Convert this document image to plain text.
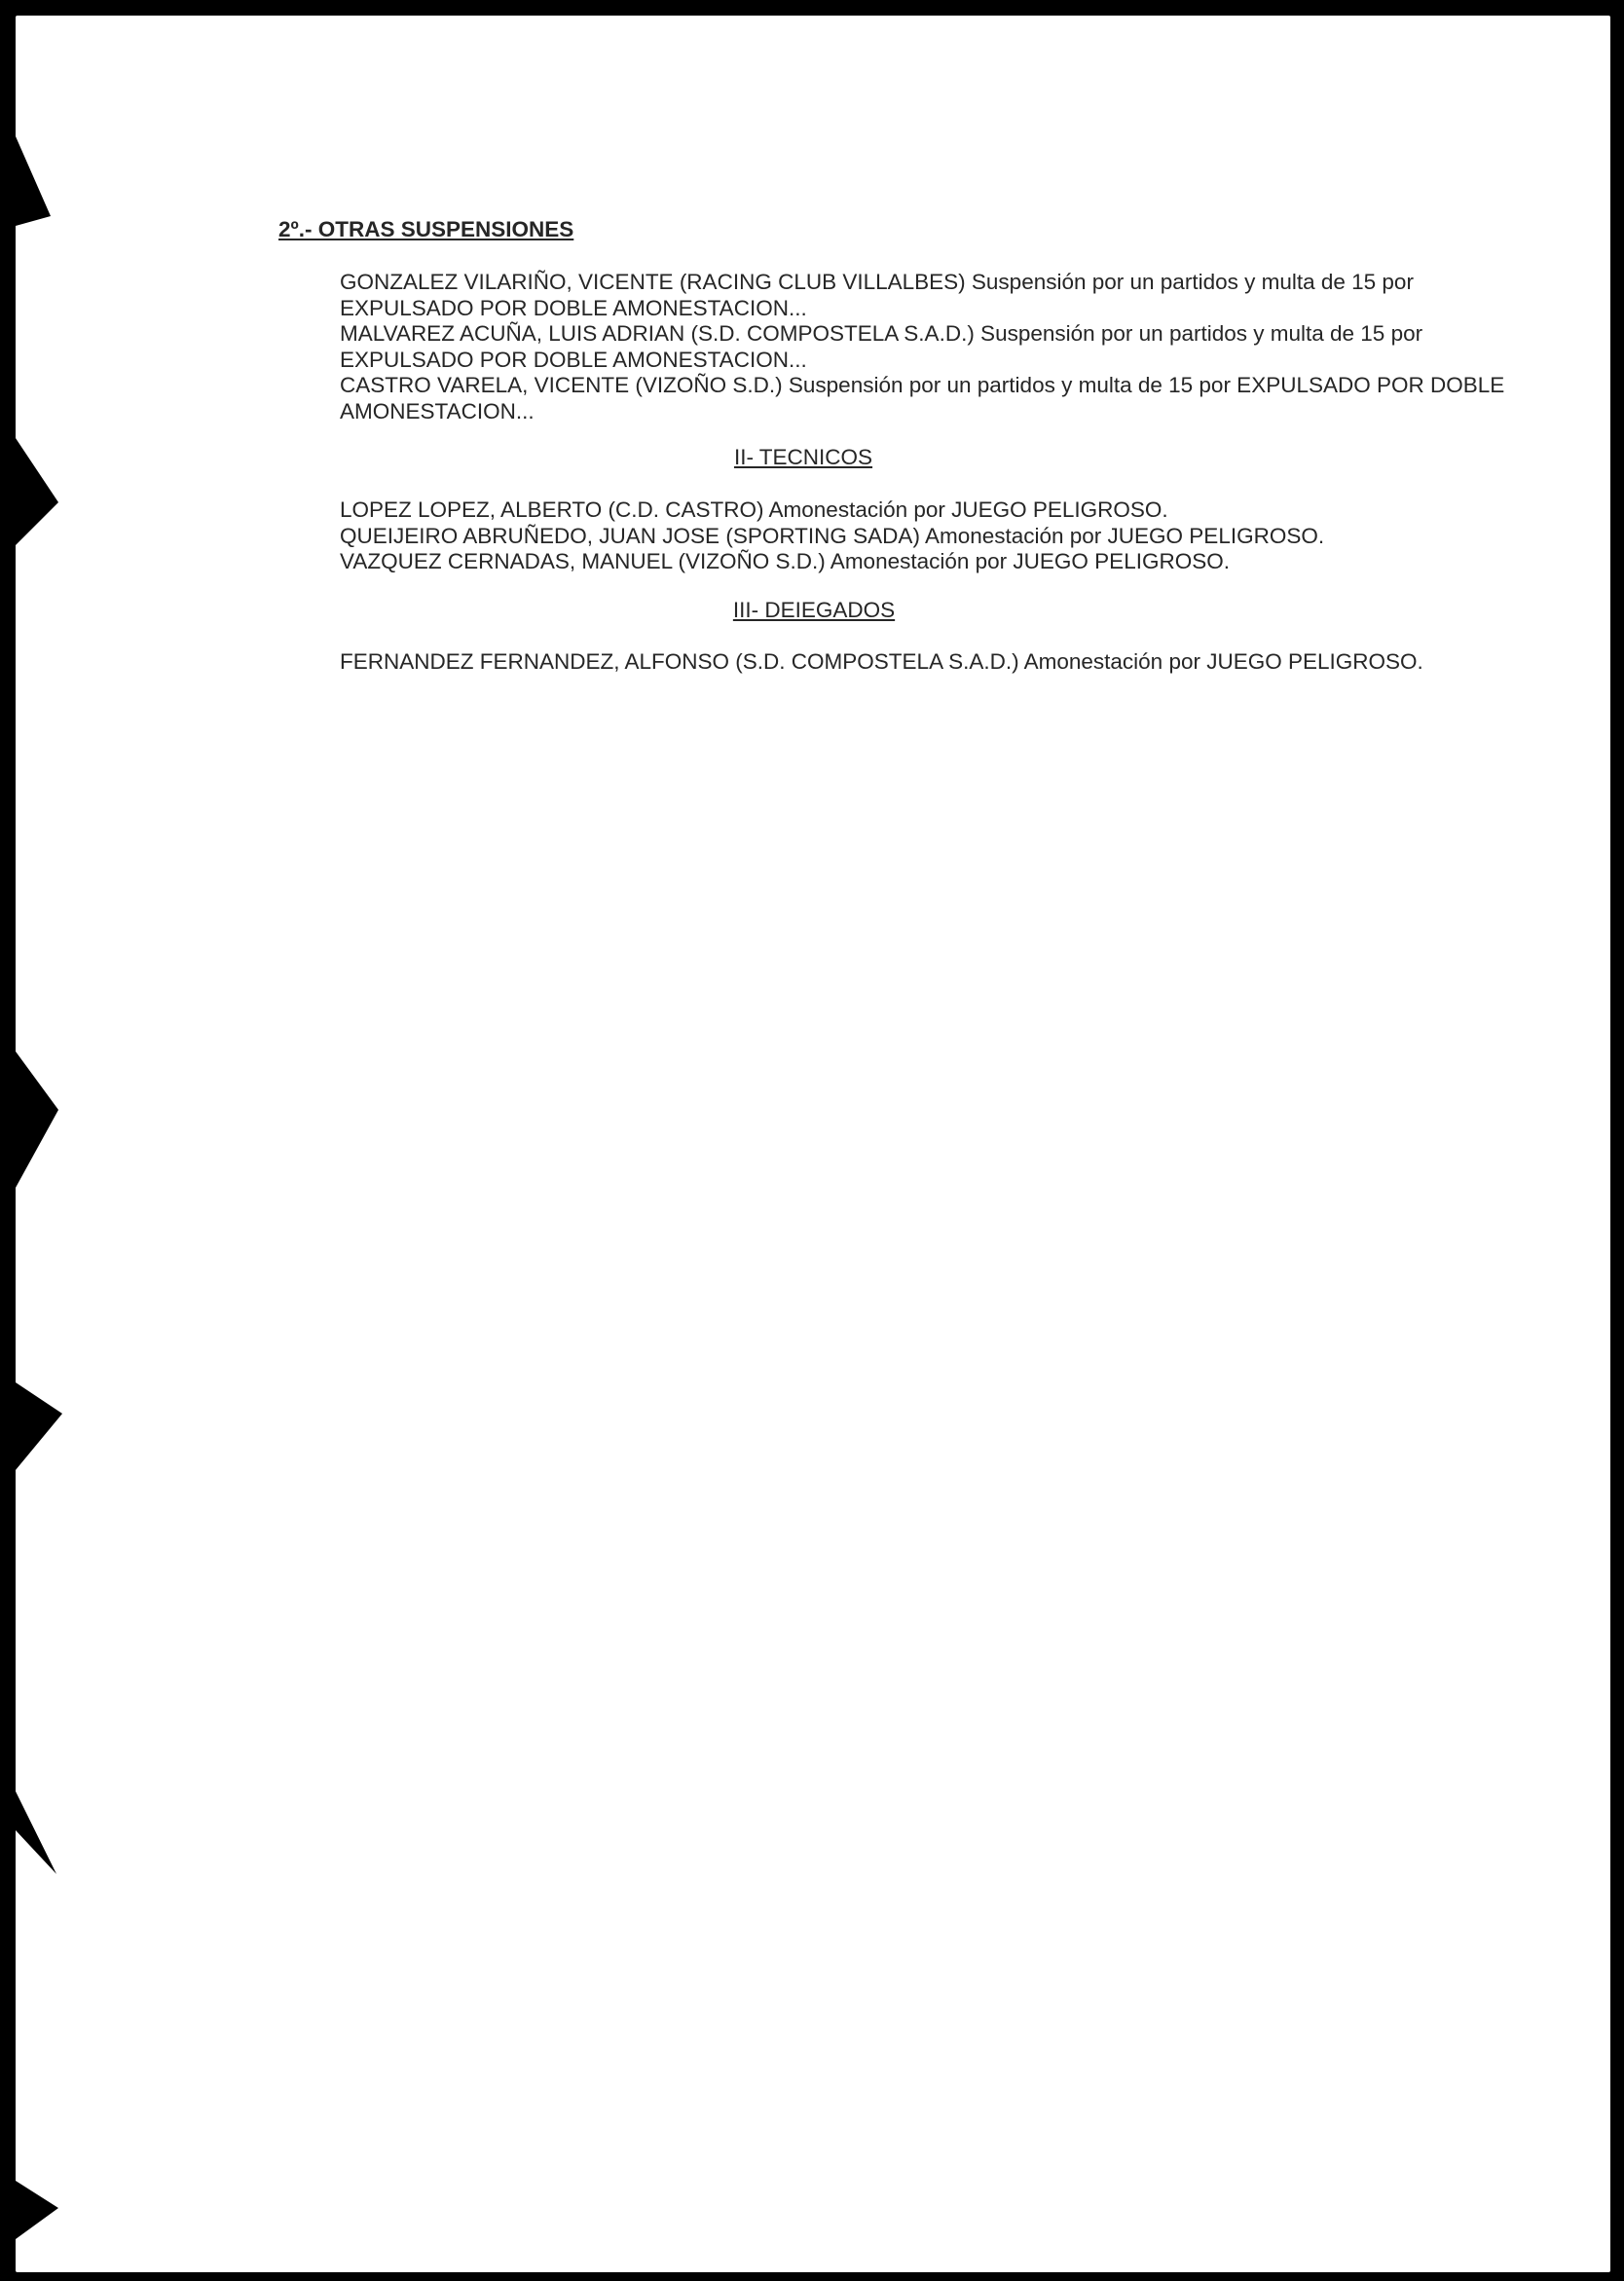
2º.- OTRAS SUSPENSIONES

GONZALEZ VILARIÑO, VICENTE (RACING CLUB VILLALBES) Suspensión por un partidos y multa de 15 por EXPULSADO POR DOBLE AMONESTACION...

MALVAREZ ACUÑA, LUIS ADRIAN (S.D. COMPOSTELA S.A.D.) Suspensión por un partidos y multa de 15 por EXPULSADO POR DOBLE AMONESTACION...

CASTRO VARELA, VICENTE (VIZOÑO S.D.) Suspensión por un partidos y multa de 15 por EXPULSADO POR DOBLE AMONESTACION...

II- TECNICOS

LOPEZ LOPEZ, ALBERTO (C.D. CASTRO) Amonestación por JUEGO PELIGROSO.

QUEIJEIRO ABRUÑEDO, JUAN JOSE (SPORTING SADA) Amonestación por JUEGO PELIGROSO.

VAZQUEZ CERNADAS, MANUEL (VIZOÑO S.D.) Amonestación por JUEGO PELIGROSO.

III- DEIEGADOS

FERNANDEZ FERNANDEZ, ALFONSO (S.D. COMPOSTELA S.A.D.) Amonestación por JUEGO PELIGROSO.
